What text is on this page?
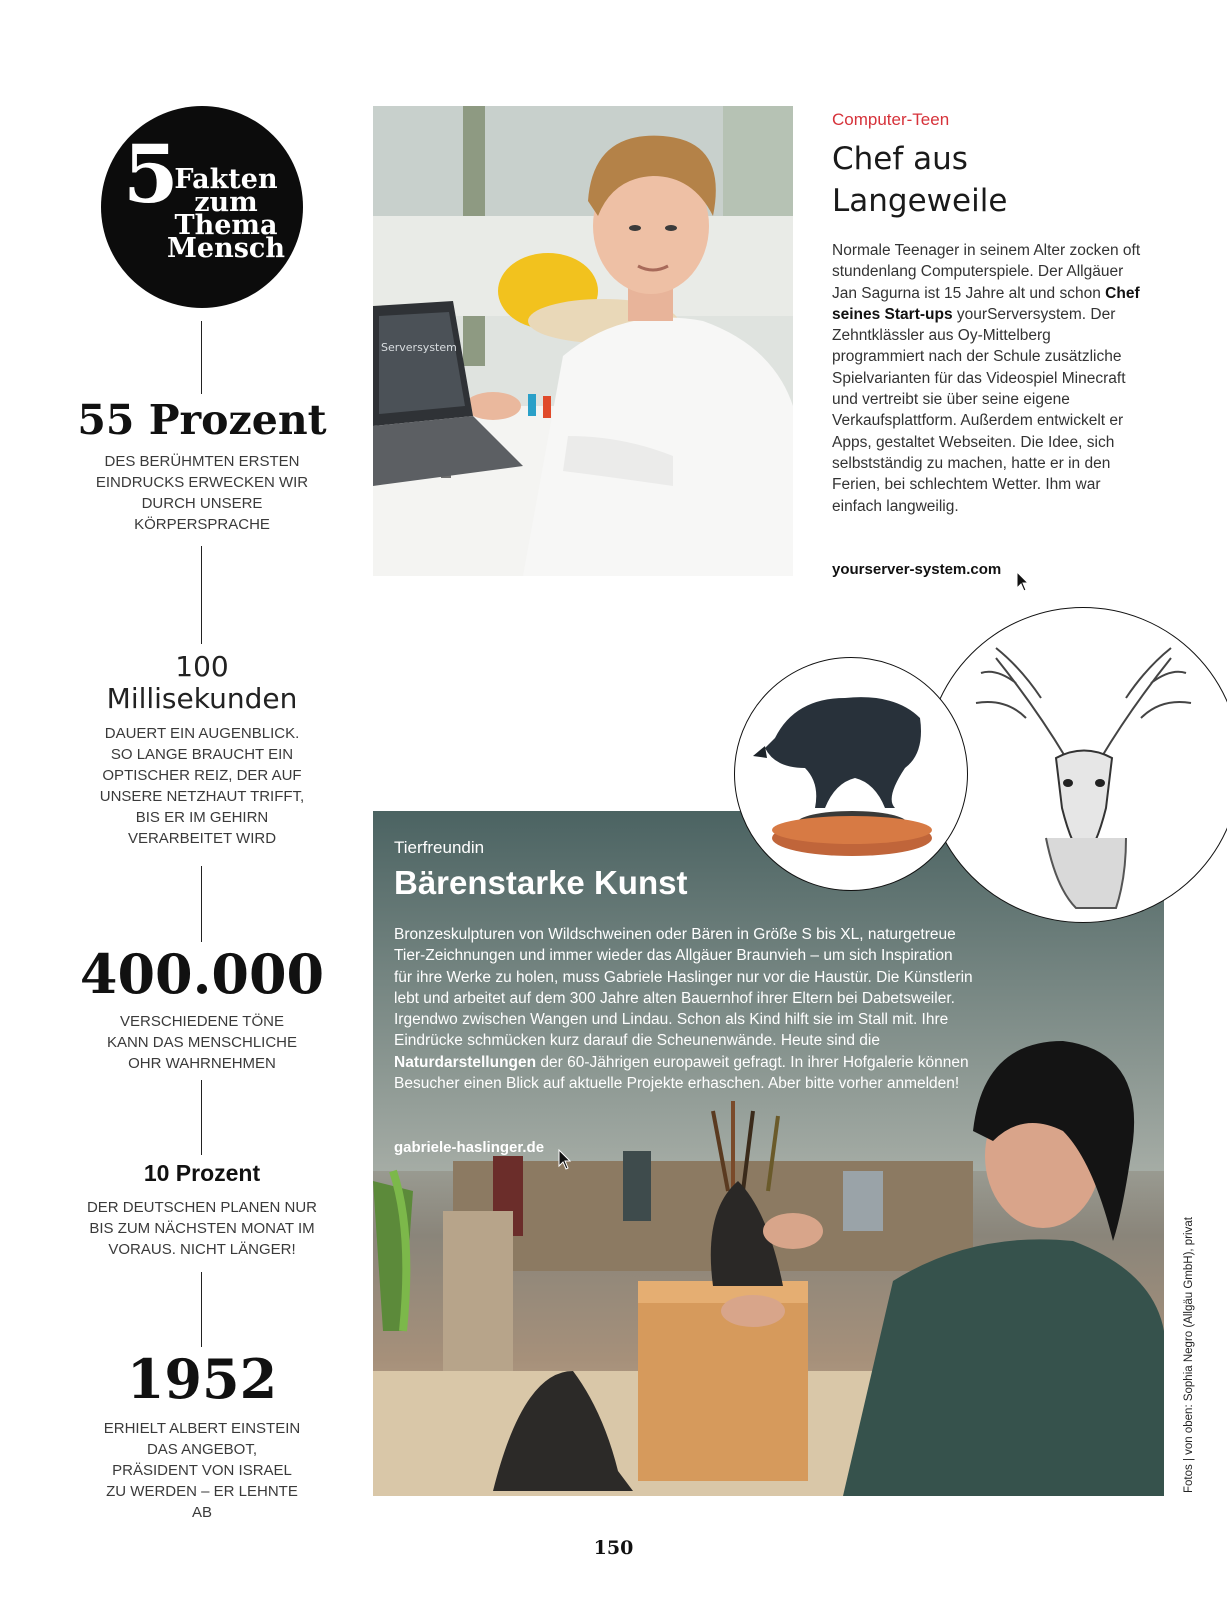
5
Fakten
zum
Thema
Mensch
55 Prozent
DES BERÜHMTEN ERSTEN EINDRUCKS ERWECKEN WIR DURCH UNSERE KÖRPERSPRACHE
100
Millisekunden
DAUERT EIN AUGENBLICK. SO LANGE BRAUCHT EIN OPTISCHER REIZ, DER AUF UNSERE NETZHAUT TRIFFT, BIS ER IM GEHIRN VERARBEITET WIRD
400.000
VERSCHIEDENE TÖNE KANN DAS MENSCHLICHE OHR WAHRNEHMEN
10 Prozent
DER DEUTSCHEN PLANEN NUR BIS ZUM NÄCHSTEN MONAT IM VORAUS. NICHT LÄNGER!
1952
ERHIELT ALBERT EINSTEIN DAS ANGEBOT, PRÄSIDENT VON ISRAEL ZU WERDEN – ER LEHNTE AB
Serversystem
Computer-Teen
Chef aus
Langeweile
Normale Teenager in seinem Alter zocken oft stundenlang Computerspiele. Der Allgäuer Jan Sagurna ist 15 Jahre alt und schon Chef seines Start-ups yourServersystem. Der Zehntklässler aus Oy-Mittelberg programmiert nach der Schule zusätzliche Spielvarianten für das Videospiel Minecraft und vertreibt sie über seine eigene Verkaufsplattform. Außerdem entwickelt er Apps, gestaltet Webseiten. Die Idee, sich selbstständig zu machen, hatte er in den Ferien, bei schlechtem Wetter. Ihm war einfach langweilig.
yourserver-system.com
Tierfreundin
Bärenstarke Kunst
Bronzeskulpturen von Wildschweinen oder Bären in Größe S bis XL, naturgetreue Tier-Zeichnungen und immer wieder das Allgäuer Braunvieh – um sich Inspiration für ihre Werke zu holen, muss Gabriele Haslinger nur vor die Haustür. Die Künstlerin lebt und arbeitet auf dem 300 Jahre alten Bauernhof ihrer Eltern bei Dabetsweiler. Irgendwo zwischen Wangen und Lindau. Schon als Kind hilft sie im Stall mit. Ihre Eindrücke schmücken kurz darauf die Scheunenwände. Heute sind die Naturdarstellungen der 60-Jährigen europaweit gefragt. In ihrer Hofgalerie können Besucher einen Blick auf aktuelle Projekte erhaschen. Aber bitte vorher anmelden!
gabriele-haslinger.de
Fotos | von oben: Sophia Negro (Allgäu GmbH), privat
150
